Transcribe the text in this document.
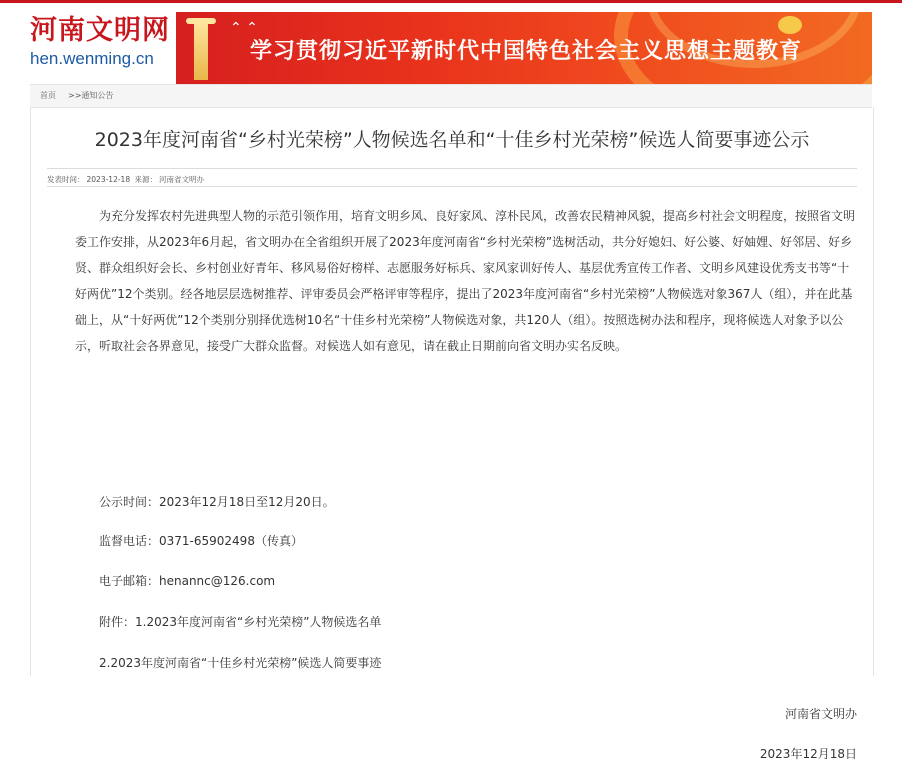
河南文明网
hen.wenming.cn
⌃ ⌃
学习贯彻习近平新时代中国特色社会主义思想主题教育
首页 >>通知公告
2023年度河南省“乡村光荣榜”人物候选名单和“十佳乡村光荣榜”候选人简要事迹公示
发表时间： 2023-12-18 来源： 河南省文明办

为充分发挥农村先进典型人物的示范引领作用，培育文明乡风、良好家风、淳朴民风，改善农民精神风貌，提高乡村社会文明程度，按照省文明委工作安排，从2023年6月起，省文明办在全省组织开展了2023年度河南省“乡村光荣榜”选树活动，共分好媳妇、好公婆、好妯娌、好邻居、好乡贤、群众组织好会长、乡村创业好青年、移风易俗好榜样、志愿服务好标兵、家风家训好传人、基层优秀宣传工作者、文明乡风建设优秀支书等“十好两优”12个类别。经各地层层选树推荐、评审委员会严格评审等程序，提出了2023年度河南省“乡村光荣榜”人物候选对象367人（组），并在此基础上，从“十好两优”12个类别分别择优选树10名“十佳乡村光荣榜”人物候选对象，共120人（组）。按照选树办法和程序，现将候选人对象予以公示，听取社会各界意见，接受广大群众监督。对候选人如有意见，请在截止日期前向省文明办实名反映。

公示时间：2023年12月18日至12月20日。

监督电话：0371-65902498（传真）

电子邮箱：henannc@126.com

附件：1.2023年度河南省“乡村光荣榜”人物候选名单

2.2023年度河南省“十佳乡村光荣榜”候选人简要事迹

河南省文明办

2023年12月18日
